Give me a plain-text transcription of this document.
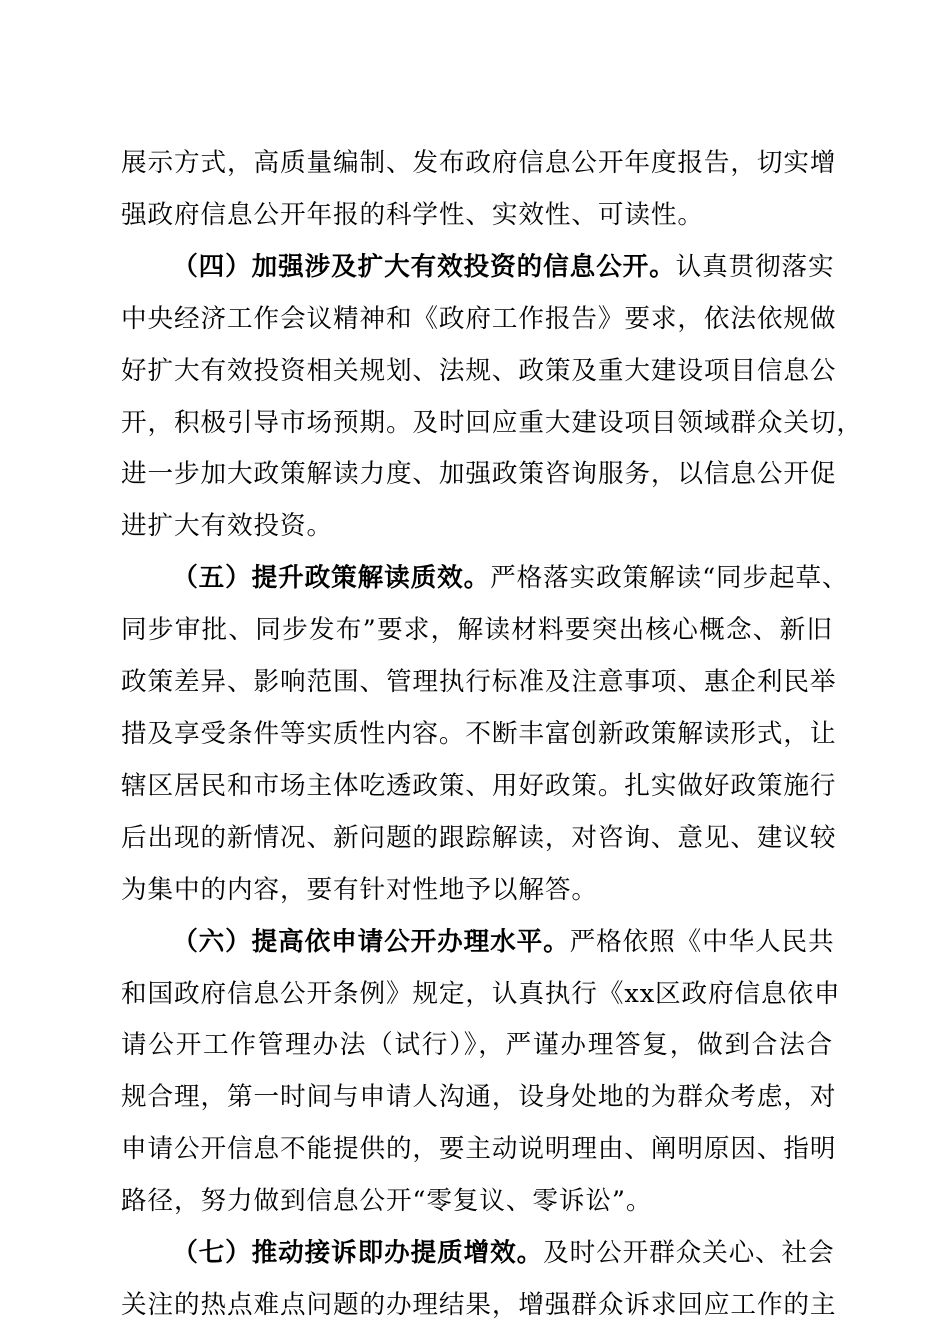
展示方式，高质量编制、发布政府信息公开年度报告，切实增
强政府信息公开年报的科学性、实效性、可读性。
（四）加强涉及扩大有效投资的信息公开。认真贯彻落实
中央经济工作会议精神和《政府工作报告》要求，依法依规做
好扩大有效投资相关规划、法规、政策及重大建设项目信息公
开，积极引导市场预期。及时回应重大建设项目领域群众关切，
进一步加大政策解读力度、加强政策咨询服务，以信息公开促
进扩大有效投资。
（五）提升政策解读质效。严格落实政策解读“同步起草、
同步审批、同步发布”要求，解读材料要突出核心概念、新旧
政策差异、影响范围、管理执行标准及注意事项、惠企利民举
措及享受条件等实质性内容。不断丰富创新政策解读形式，让
辖区居民和市场主体吃透政策、用好政策。扎实做好政策施行
后出现的新情况、新问题的跟踪解读，对咨询、意见、建议较
为集中的内容，要有针对性地予以解答。
（六）提高依申请公开办理水平。严格依照《中华人民共
和国政府信息公开条例》规定，认真执行《xx区政府信息依申
请公开工作管理办法（试行）》，严谨办理答复，做到合法合
规合理，第一时间与申请人沟通，设身处地的为群众考虑，对
申请公开信息不能提供的，要主动说明理由、阐明原因、指明
路径，努力做到信息公开“零复议、零诉讼”。
（七）推动接诉即办提质增效。及时公开群众关心、社会
关注的热点难点问题的办理结果，增强群众诉求回应工作的主
